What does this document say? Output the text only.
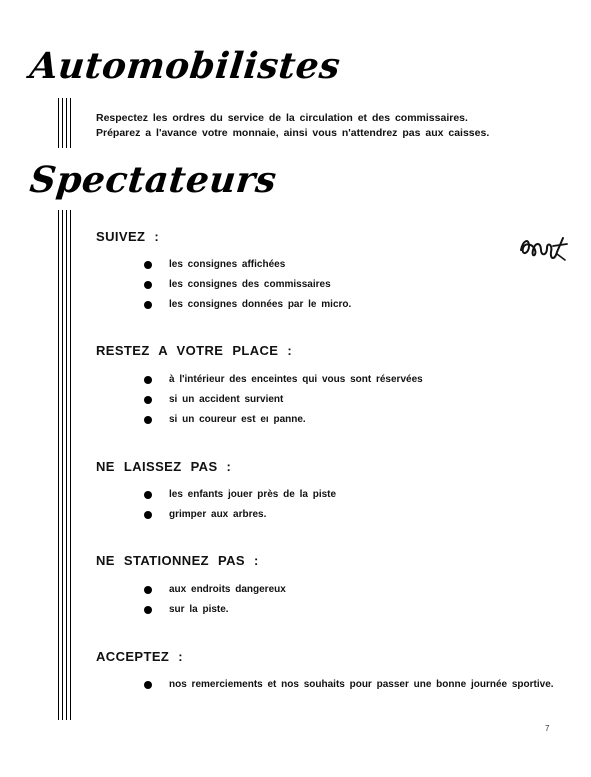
Automobilistes

Respectez les ordres du service de la circulation et des commissaires.

Préparez a l'avance votre monnaie, ainsi vous n'attendrez pas aux caisses.

Spectateurs
SUIVEZ :
les consignes affichées
les consignes des commissaires
les consignes données par le micro.
RESTEZ A VOTRE PLACE :
à l'intérieur des enceintes qui vous sont réservées
si un accident survient
si un coureur est eı panne.
NE LAISSEZ PAS :
les enfants jouer près de la piste
grimper aux arbres.
NE STATIONNEZ PAS :
aux endroits dangereux
sur la piste.
ACCEPTEZ :
nos remerciements et nos souhaits pour passer une bonne journée sportive.
7
